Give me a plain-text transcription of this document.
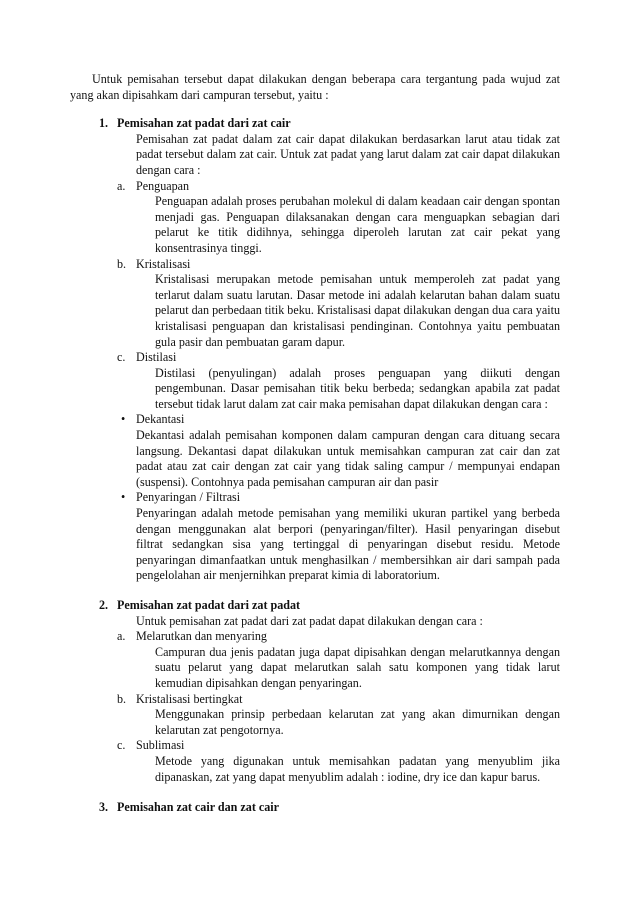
Untuk pemisahan tersebut dapat dilakukan dengan beberapa cara tergantung pada wujud zat yang akan dipisahkam dari campuran tersebut, yaitu :

1. Pemisahan zat padat dari zat cair

Pemisahan zat padat dalam zat cair dapat dilakukan berdasarkan larut atau tidak zat padat tersebut dalam zat cair. Untuk zat padat yang larut dalam zat cair dapat dilakukan dengan cara :

a. Penguapan

Penguapan adalah proses perubahan molekul di dalam keadaan cair dengan spontan menjadi gas. Penguapan dilaksanakan dengan cara menguapkan sebagian dari pelarut ke titik didihnya, sehingga diperoleh larutan zat cair pekat yang konsentrasinya tinggi.

b. Kristalisasi

Kristalisasi merupakan metode pemisahan untuk memperoleh zat padat yang terlarut dalam suatu larutan. Dasar metode ini adalah kelarutan bahan dalam suatu pelarut dan perbedaan titik beku. Kristalisasi dapat dilakukan dengan dua cara yaitu kristalisasi penguapan dan kristalisasi pendinginan. Contohnya yaitu pembuatan gula pasir dan pembuatan garam dapur.

c. Distilasi

Distilasi (penyulingan) adalah proses penguapan yang diikuti dengan pengembunan. Dasar pemisahan titik beku berbeda; sedangkan apabila zat padat tersebut tidak larut dalam zat cair maka pemisahan dapat dilakukan dengan cara :

• Dekantasi

Dekantasi adalah pemisahan komponen dalam campuran dengan cara dituang secara langsung. Dekantasi dapat dilakukan untuk memisahkan campuran zat cair dan zat padat atau zat cair dengan zat cair yang tidak saling campur / mempunyai endapan (suspensi). Contohnya pada pemisahan campuran air dan pasir

• Penyaringan / Filtrasi

Penyaringan adalah metode pemisahan yang memiliki ukuran partikel yang berbeda dengan menggunakan alat berpori (penyaringan/filter). Hasil penyaringan disebut filtrat sedangkan sisa yang tertinggal di penyaringan disebut residu. Metode penyaringan dimanfaatkan untuk menghasilkan / membersihkan air dari sampah pada pengelolahan air menjernihkan preparat kimia di laboratorium.

2. Pemisahan zat padat dari zat padat

Untuk pemisahan zat padat dari zat padat dapat dilakukan dengan cara :

a. Melarutkan dan menyaring

Campuran dua jenis padatan juga dapat dipisahkan dengan melarutkannya dengan suatu pelarut yang dapat melarutkan salah satu komponen yang tidak larut kemudian dipisahkan dengan penyaringan.

b. Kristalisasi bertingkat

Menggunakan prinsip perbedaan kelarutan zat yang akan dimurnikan dengan kelarutan zat pengotornya.

c. Sublimasi

Metode yang digunakan untuk memisahkan padatan yang menyublim jika dipanaskan, zat yang dapat menyublim adalah : iodine, dry ice dan kapur barus.

3. Pemisahan zat cair dan zat cair
